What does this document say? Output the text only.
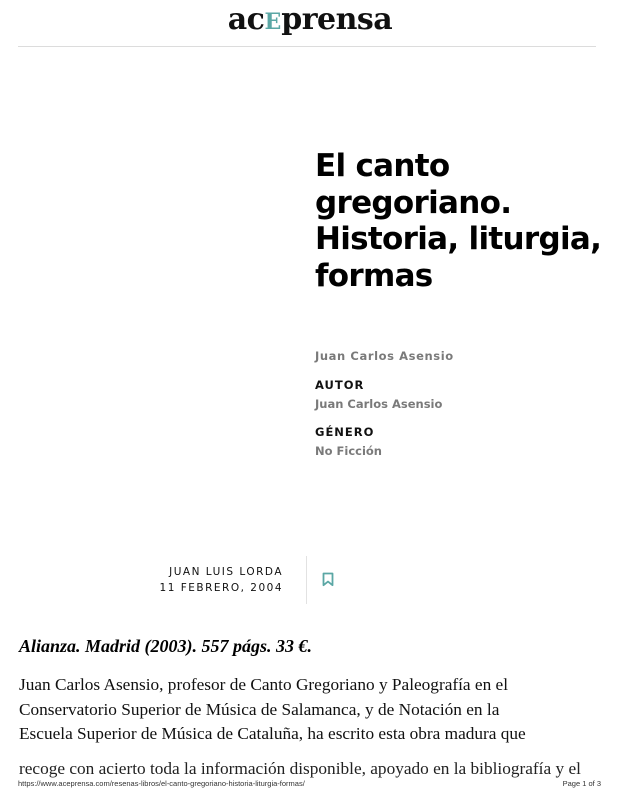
acEprensa
El canto gregoriano. Historia, liturgia, formas
Juan Carlos Asensio
AUTOR
Juan Carlos Asensio
GÉNERO
No Ficción
JUAN LUIS LORDA
11 FEBRERO, 2004

Alianza. Madrid (2003). 557 págs. 33 €.

Juan Carlos Asensio, profesor de Canto Gregoriano y Paleografía en el
Conservatorio Superior de Música de Salamanca, y de Notación en la
Escuela Superior de Música de Cataluña, ha escrito esta obra madura que
recoge con acierto toda la información disponible, apoyado en la bibliografía y el
https://www.aceprensa.com/resenas-libros/el-canto-gregoriano-historia-liturgia-formas/	Page 1 of 3
